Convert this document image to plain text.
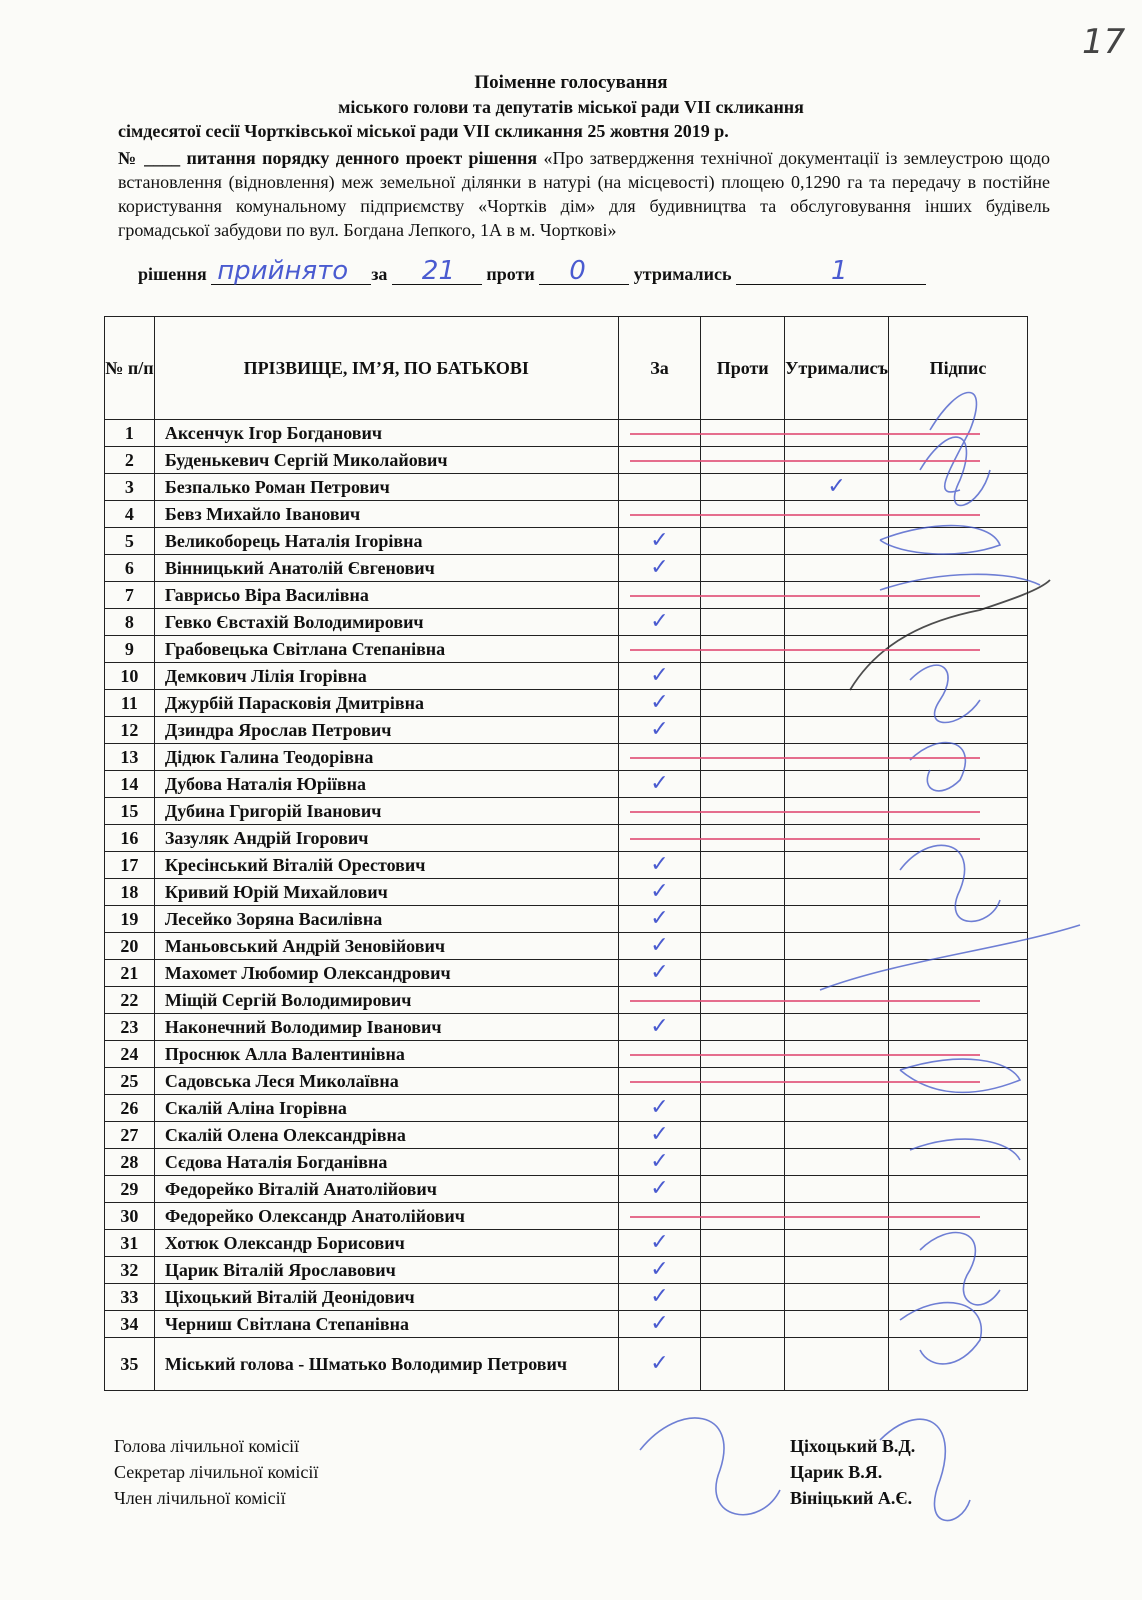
17
Поіменне голосування
міського голови та депутатів міської ради VII скликання
сімдесятої сесії Чортківської міської ради VII скликання 25 жовтня 2019 р.
№ ____ питання порядку денного проект рішення «Про затвердження технічної документації із землеустрою щодо встановлення (відновлення) меж земельної ділянки в натурі (на місцевості) площею 0,1290 га та передачу в постійне користування комунальному підприємству «Чортків дім» для будивництва та обслуговування інших будівель громадської забудови по вул. Богдана Лепкого, 1А в м. Чорткові»
рішення прийнято за 21 проти 0	утримались	1
№ п/п	ПРІЗВИЩЕ, ІМ’Я, ПО БАТЬКОВІ	За	Проти	Утрималисъ	Підпис
1	Аксенчук Ігор Богданович				
2	Буденькевич Сергій Миколайович				
3	Безпалько Роман Петрович			✓	
4	Бевз Михайло Іванович				
5	Великоборець Наталія Ігорівна	✓			
6	Вінницький Анатолій Євгенович	✓			
7	Гаврисьо Віра Василівна				
8	Гевко Євстахій Володимирович	✓			
9	Грабовецька Світлана Степанівна				
10	Демкович Лілія Ігорівна	✓			
11	Джурбій Парасковія Дмитрівна	✓			
12	Дзиндра Ярослав Петрович	✓			
13	Дідюк Галина Теодорівна				
14	Дубова Наталія Юріївна	✓			
15	Дубина Григорій Іванович				
16	Зазуляк Андрій Ігорович				
17	Кресінський Віталій Орестович	✓			
18	Кривий Юрій Михайлович	✓			
19	Лесейко Зоряна Василівна	✓			
20	Маньовський Андрій Зеновійович	✓			
21	Махомет Любомир Олександрович	✓			
22	Міщій Сергій Володимирович				
23	Наконечний Володимир Іванович	✓			
24	Проснюк Алла Валентинівна				
25	Садовська Леся Миколаївна				
26	Скалій Аліна Ігорівна	✓			
27	Скалій Олена Олександрівна	✓			
28	Сєдова Наталія Богданівна	✓			
29	Федорейко Віталій Анатолійович	✓			
30	Федорейко Олександр Анатолійович				
31	Хотюк Олександр Борисович	✓			
32	Царик Віталій Ярославович	✓			
33	Ціхоцький Віталій Деонідович	✓			
34	Черниш Світлана Степанівна	✓			
35	Міський голова - Шматько Володимир Петрович	✓			
Голова лічильної комісії	Ціхоцький В.Д.
Секретар лічильної комісії	Царик В.Я.
Член лічильної комісії	Вініцький А.Є.
